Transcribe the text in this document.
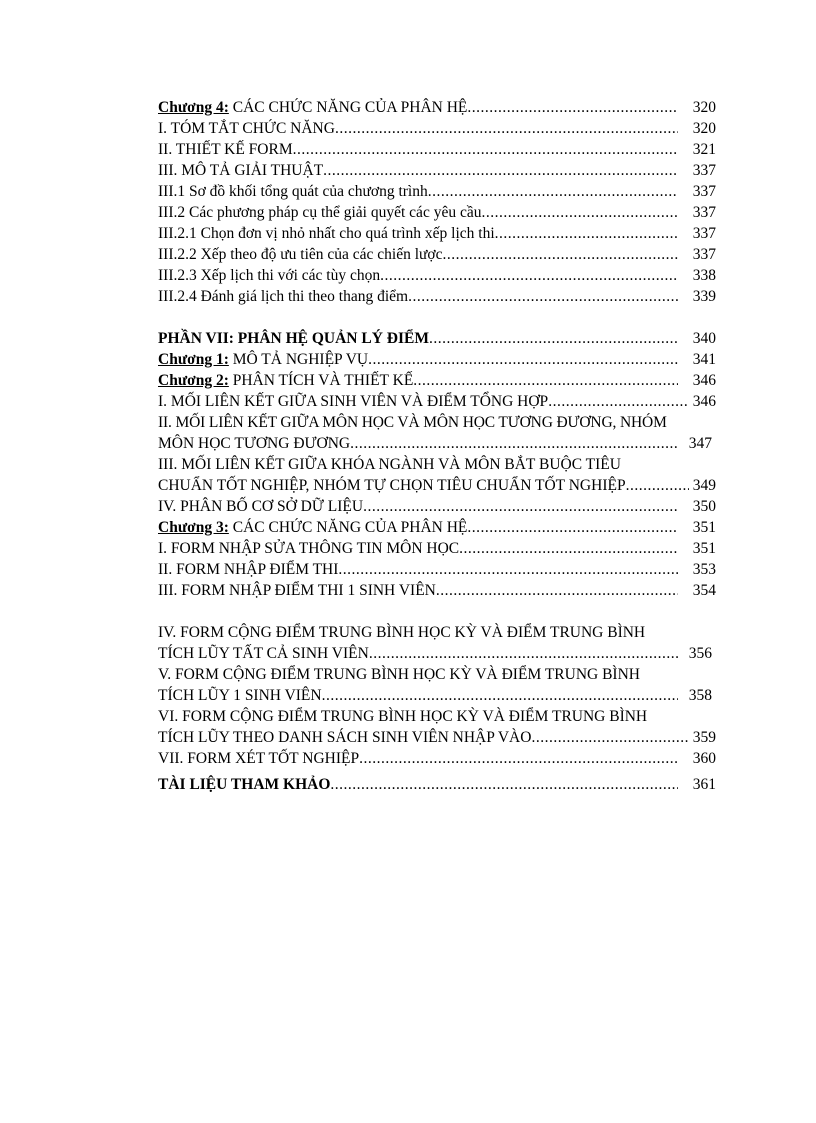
Chương 4: CÁC CHỨC NĂNG CỦA PHÂN HỆ .....	320
I. TÓM TẮT CHỨC NĂNG .....	320
II. THIẾT KẾ FORM .....	321
III. MÔ TẢ GIẢI THUẬT .....	337
III.1 Sơ đồ khối tổng quát của chương trình .....	337
III.2 Các phương pháp cụ thể giải quyết các yêu cầu .....	337
III.2.1 Chọn đơn vị nhỏ nhất cho quá trình xếp lịch thi .....	337
III.2.2 Xếp theo độ ưu tiên của các chiến lược .....	337
III.2.3 Xếp lịch thi với các tùy chọn .....	338
III.2.4 Đánh giá lịch thi theo thang điểm .....	339
PHẦN VII: PHÂN HỆ QUẢN LÝ ĐIỂM .....	340
Chương 1: MÔ TẢ NGHIỆP VỤ .....	341
Chương 2: PHÂN TÍCH VÀ THIẾT KẾ .....	346
I. MỐI LIÊN KẾT GIỮA SINH VIÊN VÀ ĐIỂM TỔNG HỢP .....	346
II. MỐI LIÊN KẾT GIỮA MÔN HỌC VÀ MÔN HỌC TƯƠNG ĐƯƠNG, NHÓM
MÔN HỌC TƯƠNG ĐƯƠNG .....	347
III. MỐI LIÊN KẾT GIỮA KHÓA NGÀNH VÀ MÔN BẮT BUỘC TIÊU
CHUẨN TỐT NGHIỆP, NHÓM TỰ CHỌN TIÊU CHUẨN TỐT NGHIỆP .....	349
IV. PHÂN BỐ CƠ SỞ DỮ LIỆU .....	350
Chương 3: CÁC CHỨC NĂNG CỦA PHÂN HỆ .....	351
I. FORM NHẬP SỬA THÔNG TIN MÔN HỌC .....	351
II. FORM NHẬP ĐIỂM THI .....	353
III. FORM NHẬP ĐIỂM THI 1 SINH VIÊN .....	354
IV. FORM CỘNG ĐIỂM TRUNG BÌNH HỌC KỲ VÀ ĐIỂM TRUNG BÌNH
TÍCH LŨY TẤT CẢ SINH VIÊN .....	356
V. FORM CỘNG ĐIỂM TRUNG BÌNH HỌC KỲ VÀ ĐIỂM TRUNG BÌNH
TÍCH LŨY 1 SINH VIÊN .....	358
VI. FORM CỘNG ĐIỂM TRUNG BÌNH HỌC KỲ VÀ ĐIỂM TRUNG BÌNH
TÍCH LŨY THEO DANH SÁCH SINH VIÊN NHẬP VÀO .....	359
VII. FORM XÉT TỐT NGHIỆP .....	360
TÀI LIỆU THAM KHẢO .....	361
